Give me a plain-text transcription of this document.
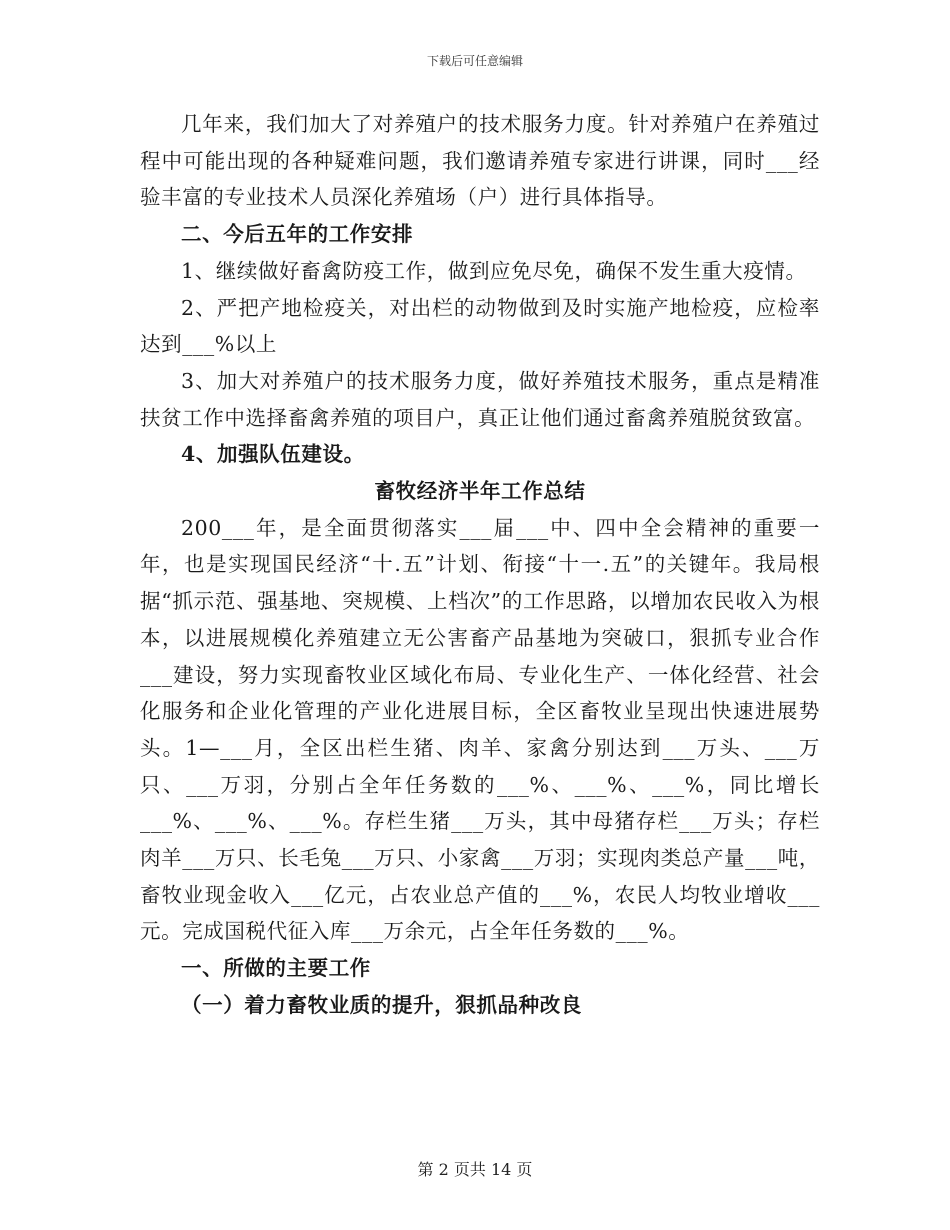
下载后可任意编辑

几年来，我们加大了对养殖户的技术服务力度。针对养殖户在养殖过程中可能出现的各种疑难问题，我们邀请养殖专家进行讲课，同时___经验丰富的专业技术人员深化养殖场（户）进行具体指导。

二、今后五年的工作安排

1、继续做好畜禽防疫工作，做到应免尽免，确保不发生重大疫情。

2、严把产地检疫关，对出栏的动物做到及时实施产地检疫，应检率达到___%以上

3、加大对养殖户的技术服务力度，做好养殖技术服务，重点是精准扶贫工作中选择畜禽养殖的项目户，真正让他们通过畜禽养殖脱贫致富。

4、加强队伍建设。

畜牧经济半年工作总结

200___年，是全面贯彻落实___届___中、四中全会精神的重要一年，也是实现国民经济“十.五”计划、衔接“十一.五”的关键年。我局根据“抓示范、强基地、突规模、上档次”的工作思路，以增加农民收入为根本，以进展规模化养殖建立无公害畜产品基地为突破口，狠抓专业合作___建设，努力实现畜牧业区域化布局、专业化生产、一体化经营、社会化服务和企业化管理的产业化进展目标，全区畜牧业呈现出快速进展势头。1—___月，全区出栏生猪、肉羊、家禽分别达到___万头、___万只、___万羽，分别占全年任务数的___%、___%、___%，同比增长___%、___%、___%。存栏生猪___万头，其中母猪存栏___万头；存栏肉羊___万只、长毛兔___万只、小家禽___万羽；实现肉类总产量___吨，畜牧业现金收入___亿元，占农业总产值的___%，农民人均牧业增收___元。完成国税代征入库___万余元，占全年任务数的___%。

一、所做的主要工作

（一）着力畜牧业质的提升，狠抓品种改良

第 2 页共 14 页
